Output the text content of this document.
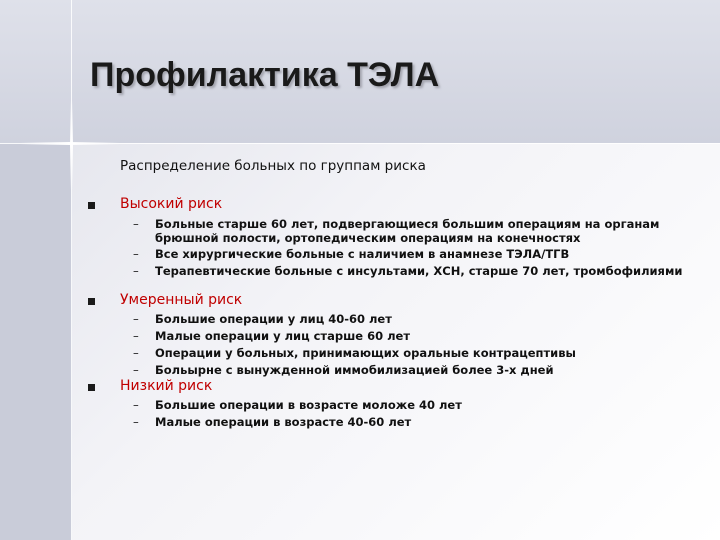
Профилактика ТЭЛА

Распределение больных по группам риска

Высокий риск
– Больные старше 60 лет, подвергающиеся большим операциям на органам брюшной полости, ортопедическим операциям на конечностях
– Все хирургические больные с наличием в анамнезе ТЭЛА/ТГВ
– Терапевтические больные с инсультами, ХСН, старше 70 лет, тромбофилиями
Умеренный риск
– Большие операции у лиц 40-60 лет
– Малые операции у лиц старше 60 лет
– Операции у больных, принимающих оральные контрацептивы
– Больырне с вынужденной иммобилизацией более 3-х дней
Низкий риск
– Большие операции в возрасте моложе 40 лет
– Малые операции в возрасте 40-60 лет
